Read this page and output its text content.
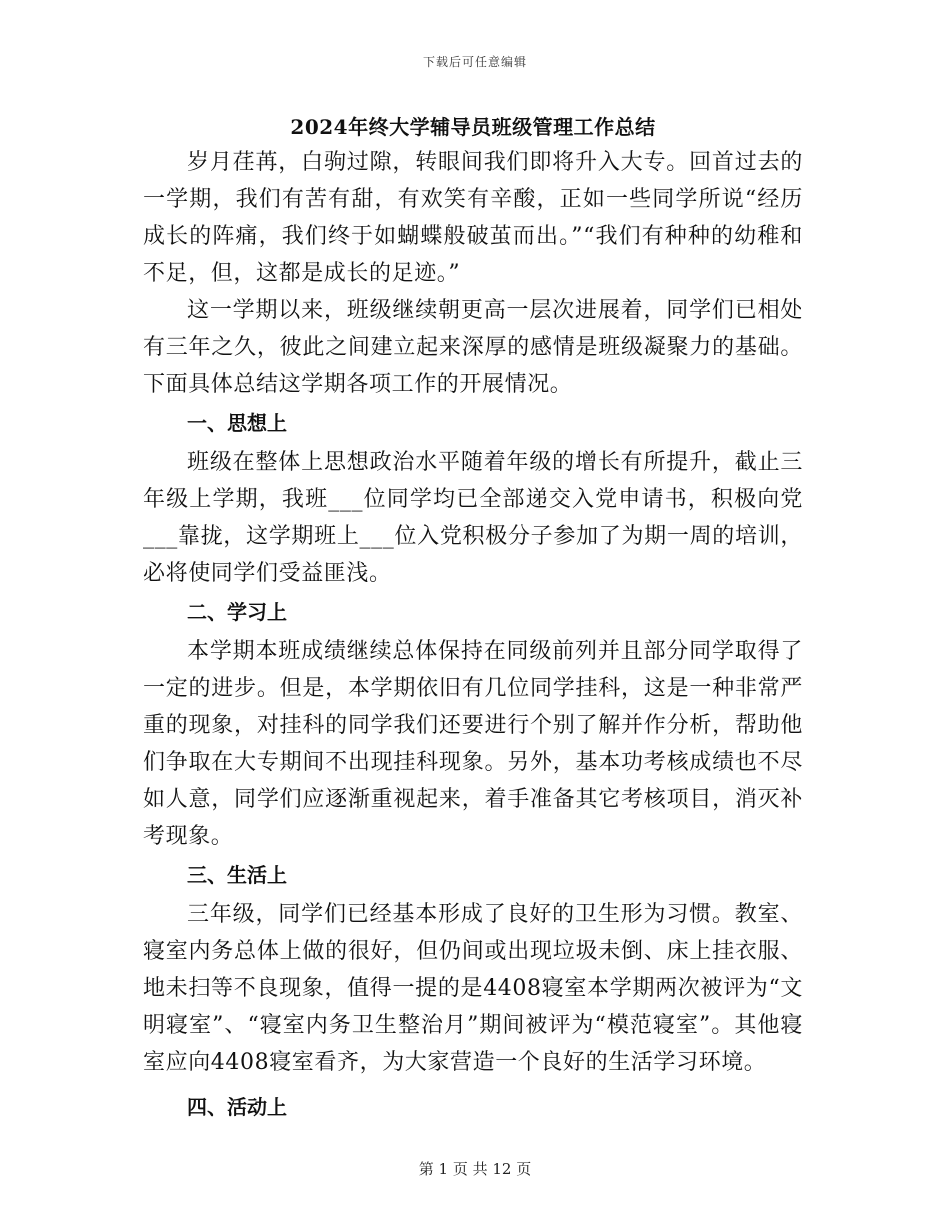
下载后可任意编辑
2024年终大学辅导员班级管理工作总结

岁月荏苒，白驹过隙，转眼间我们即将升入大专。回首过去的一学期，我们有苦有甜，有欢笑有辛酸，正如一些同学所说“经历成长的阵痛，我们终于如蝴蝶般破茧而出。”“我们有种种的幼稚和不足，但，这都是成长的足迹。”

这一学期以来，班级继续朝更高一层次进展着，同学们已相处有三年之久，彼此之间建立起来深厚的感情是班级凝聚力的基础。下面具体总结这学期各项工作的开展情况。

一、思想上

班级在整体上思想政治水平随着年级的增长有所提升，截止三年级上学期，我班___位同学均已全部递交入党申请书，积极向党___靠拢，这学期班上___位入党积极分子参加了为期一周的培训，必将使同学们受益匪浅。

二、学习上

本学期本班成绩继续总体保持在同级前列并且部分同学取得了一定的进步。但是，本学期依旧有几位同学挂科，这是一种非常严重的现象，对挂科的同学我们还要进行个别了解并作分析，帮助他们争取在大专期间不出现挂科现象。另外，基本功考核成绩也不尽如人意，同学们应逐渐重视起来，着手准备其它考核项目，消灭补考现象。

三、生活上

三年级，同学们已经基本形成了良好的卫生形为习惯。教室、寝室内务总体上做的很好，但仍间或出现垃圾未倒、床上挂衣服、地未扫等不良现象，值得一提的是4408寝室本学期两次被评为“文明寝室”、“寝室内务卫生整治月”期间被评为“模范寝室”。其他寝室应向4408寝室看齐，为大家营造一个良好的生活学习环境。

四、活动上
第 1 页 共 12 页
